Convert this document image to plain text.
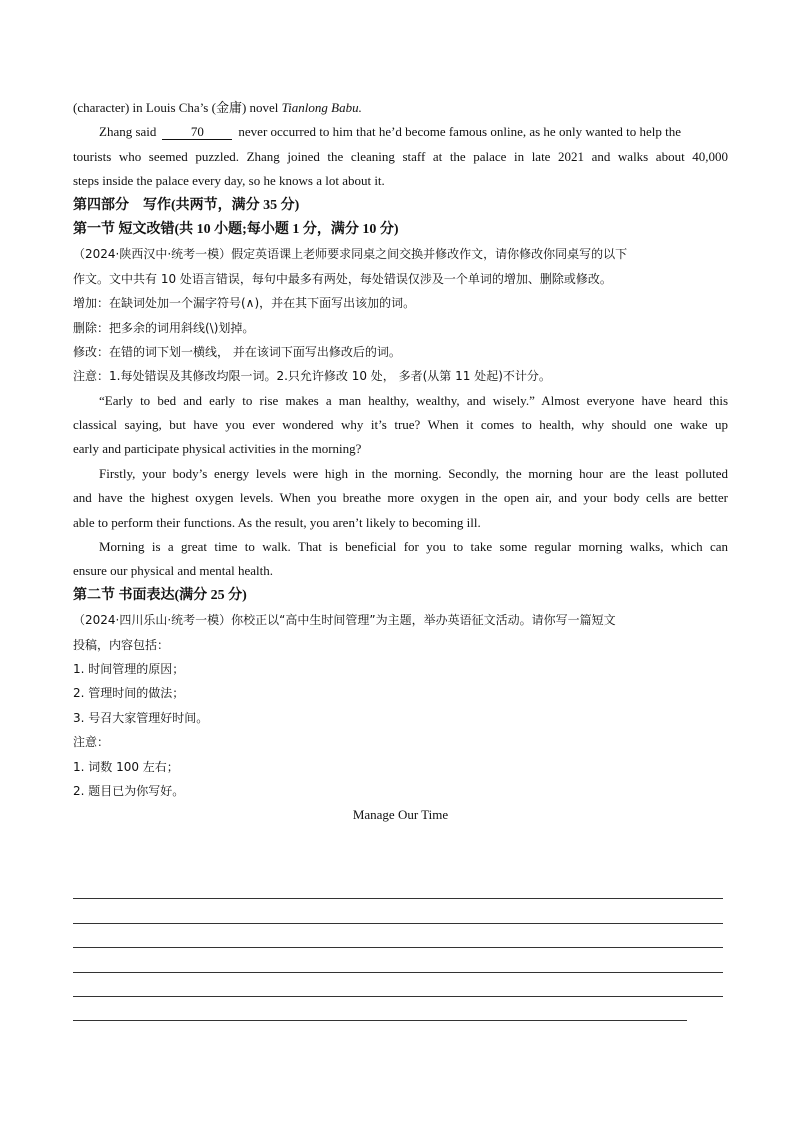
(character) in Louis Cha’s (金庸) novel Tianlong Babu.
Zhang said	70	never occurred to him that he’d become famous online, as he only wanted to help the
tourists who seemed puzzled. Zhang joined the cleaning staff at the palace in late 2021 and walks about 40,000
steps inside the palace every day, so he knows a lot about it.
第四部分　写作(共两节，满分 35 分)
第一节 短文改错(共 10 小题;每小题 1 分，满分 10 分)
（2024·陕西汉中·统考一模）假定英语课上老师要求同桌之间交换并修改作文，请你修改你同桌写的以下
作文。文中共有 10 处语言错误，每句中最多有两处，每处错误仅涉及一个单词的增加、删除或修改。
增加：在缺词处加一个漏字符号(∧)，并在其下面写出该加的词。
删除：把多余的词用斜线(\)划掉。
修改：在错的词下划一横线， 并在该词下面写出修改后的词。
注意：1.每处错误及其修改均限一词。2.只允许修改 10 处， 多者(从第 11 处起)不计分。
“Early to bed and early to rise makes a man healthy, wealthy, and wisely.” Almost everyone have heard this
classical saying, but have you ever wondered why it’s true? When it comes to health, why should one wake up
early and participate physical activities in the morning?
Firstly, your body’s energy levels were high in the morning. Secondly, the morning hour are the least polluted
and have the highest oxygen levels. When you breathe more oxygen in the open air, and your body cells are better
able to perform their functions. As the result, you aren’t likely to becoming ill.
Morning is a great time to walk. That is beneficial for you to take some regular morning walks, which can
ensure our physical and mental health.
第二节 书面表达(满分 25 分)
（2024·四川乐山·统考一模）你校正以“高中生时间管理”为主题，举办英语征文活动。请你写一篇短文
投稿，内容包括：
1. 时间管理的原因；
2. 管理时间的做法；
3. 号召大家管理好时间。
注意：
1. 词数 100 左右；
2. 题目已为你写好。
Manage Our Time
